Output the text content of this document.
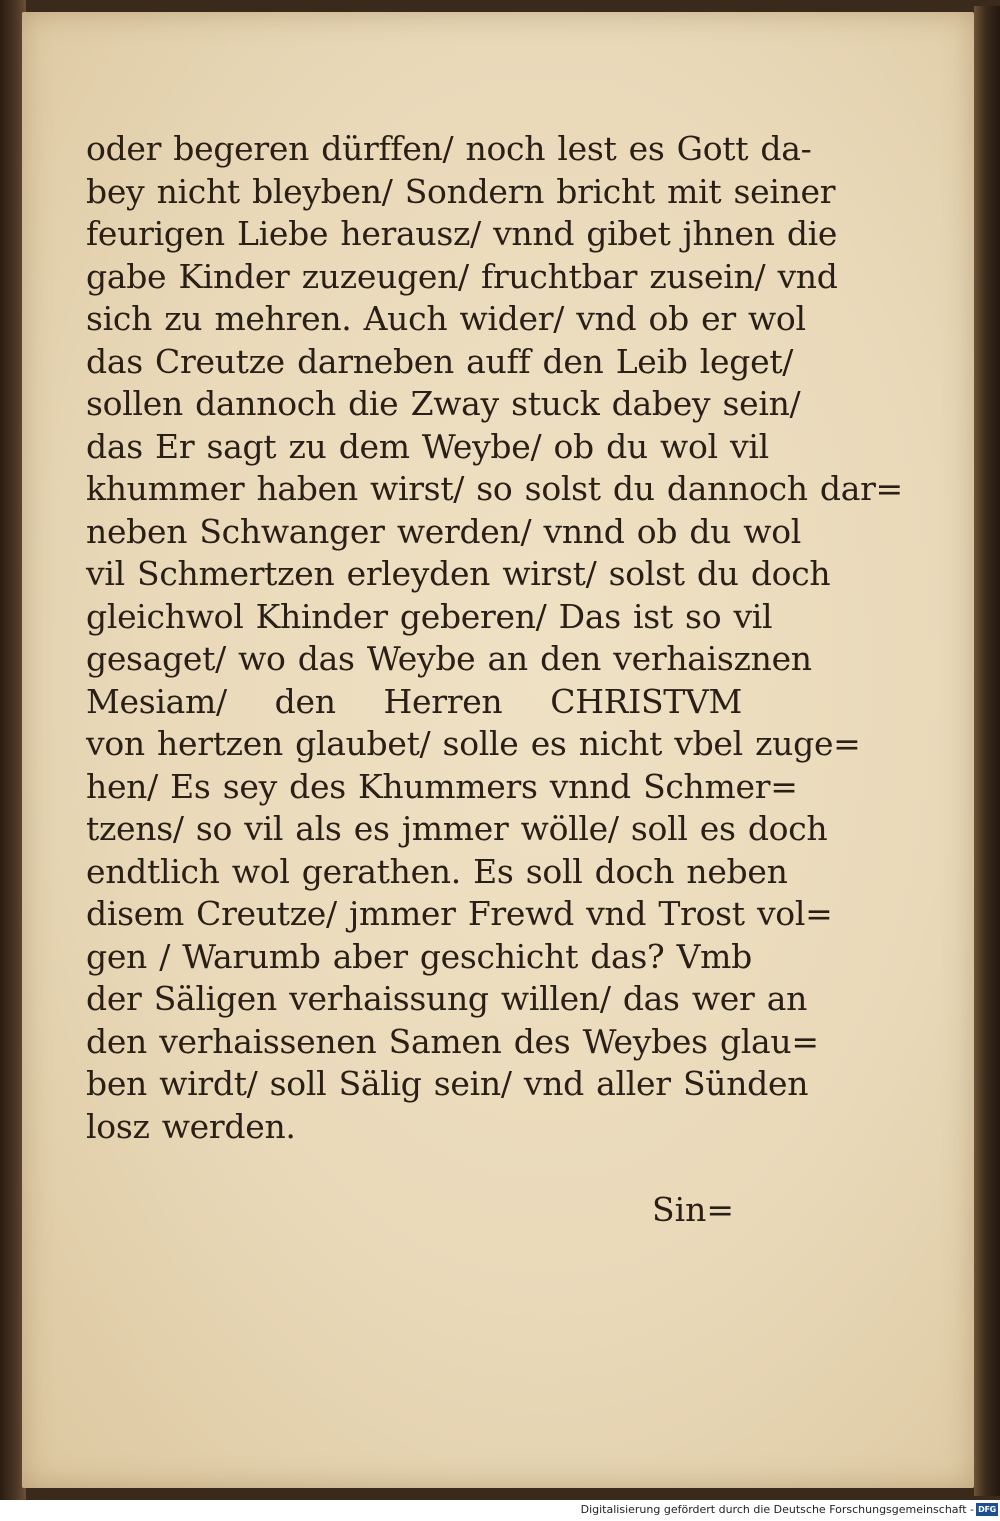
oder begeren dürffen/ noch lest es Gott da-
bey nicht bleyben/ Sondern bricht mit seiner
feurigen Liebe herausz/ vnnd gibet jhnen die
gabe Kinder zuzeugen/ fruchtbar zusein/ vnd
sich zu mehren. Auch wider/ vnd ob er wol
das Creutze darneben auff den Leib leget/
sollen dannoch die Zway stuck dabey sein/
das Er sagt zu dem Weybe/ ob du wol vil
khummer haben wirst/ so solst du dannoch dar=
neben Schwanger werden/ vnnd ob du wol
vil Schmertzen erleyden wirst/ solst du doch
gleichwol Khinder geberen/ Das ist so vil
gesaget/ wo das Weybe an den verhaisznen
Mesiam/ den Herren CHRISTVM
von hertzen glaubet/ solle es nicht vbel zuge=
hen/ Es sey des Khummers vnnd Schmer=
tzens/ so vil als es jmmer wölle/ soll es doch
endtlich wol gerathen. Es soll doch neben
disem Creutze/ jmmer Frewd vnd Trost vol=
gen / Warumb aber geschicht das? Vmb
der Säligen verhaissung willen/ das wer an
den verhaissenen Samen des Weybes glau=
ben wirdt/ soll Sälig sein/ vnd aller Sünden
losz werden.
Sin=
Digitalisierung gefördert durch die Deutsche Forschungsgemeinschaft - DFG
